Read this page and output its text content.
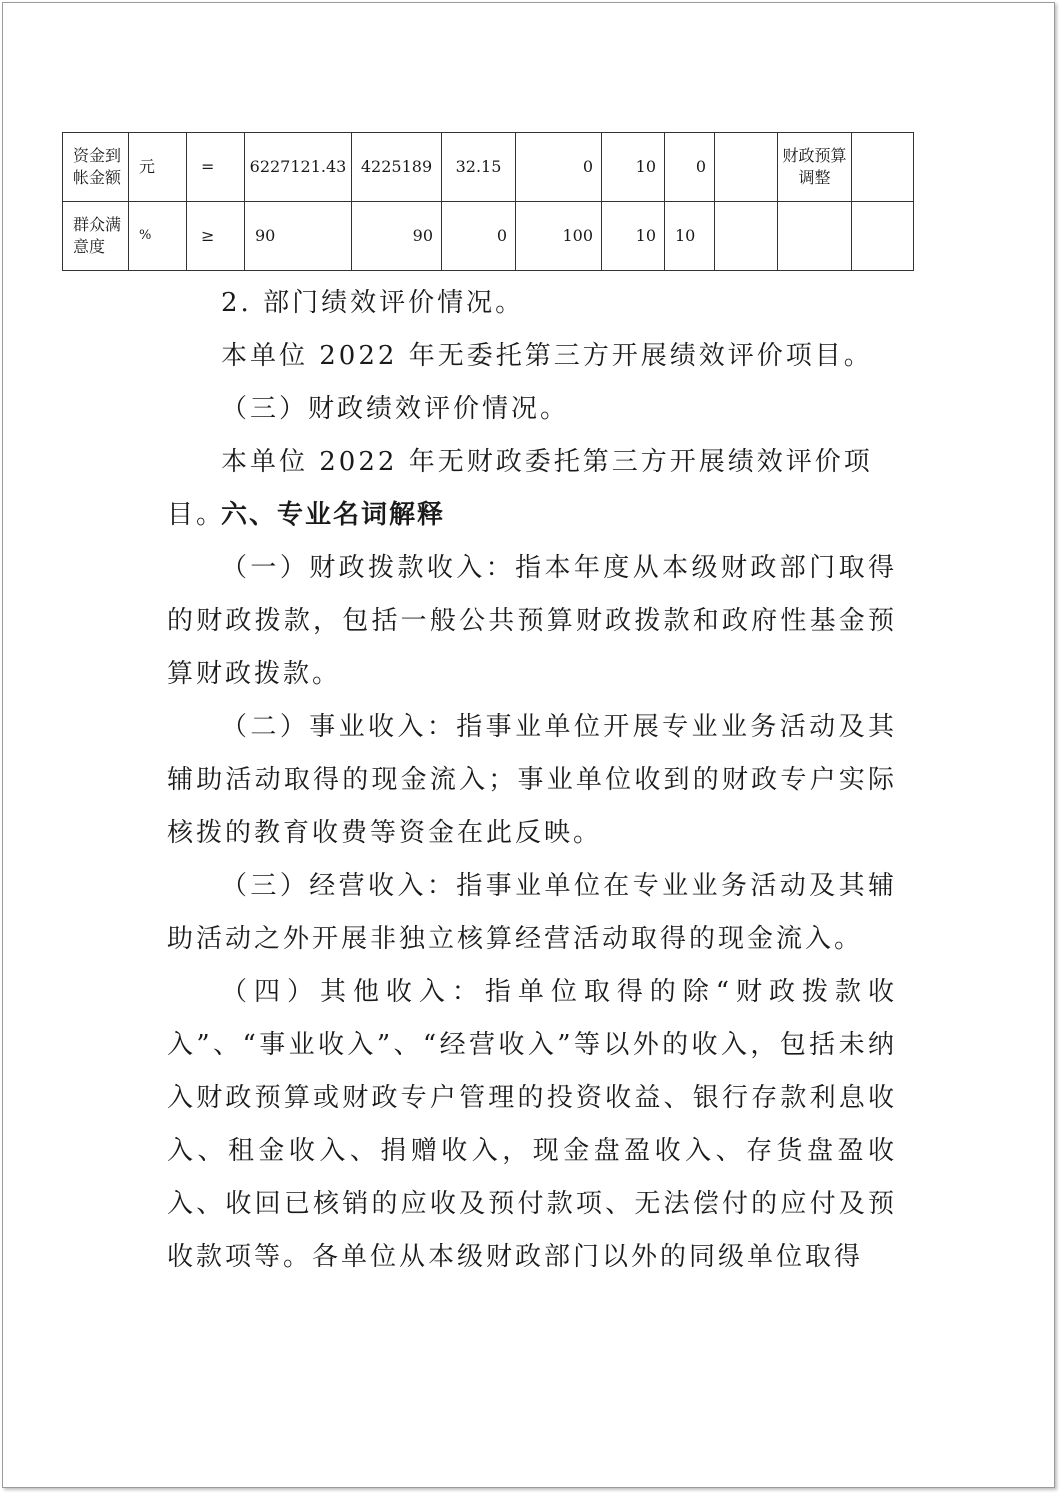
资金到帐金额	元	=	6227121.43	4225189	32.15	0	10	0		财政预算调整	
群众满意度	%	≥	90	90	0	100	10	10			

2. 部门绩效评价情况。

本单位 2022 年无委托第三方开展绩效评价项目。

（三）财政绩效评价情况。

本单位 2022 年无财政委托第三方开展绩效评价项目。

六、专业名词解释

（一）财政拨款收入：指本年度从本级财政部门取得的财政拨款，包括一般公共预算财政拨款和政府性基金预算财政拨款。

（二）事业收入：指事业单位开展专业业务活动及其辅助活动取得的现金流入；事业单位收到的财政专户实际核拨的教育收费等资金在此反映。

（三）经营收入：指事业单位在专业业务活动及其辅助活动之外开展非独立核算经营活动取得的现金流入。

（四）其他收入：指单位取得的除“财政拨款收入”、“事业收入”、“经营收入”等以外的收入，包括未纳入财政预算或财政专户管理的投资收益、银行存款利息收入、租金收入、捐赠收入，现金盘盈收入、存货盘盈收入、收回已核销的应收及预付款项、无法偿付的应付及预收款项等。各单位从本级财政部门以外的同级单位取得
